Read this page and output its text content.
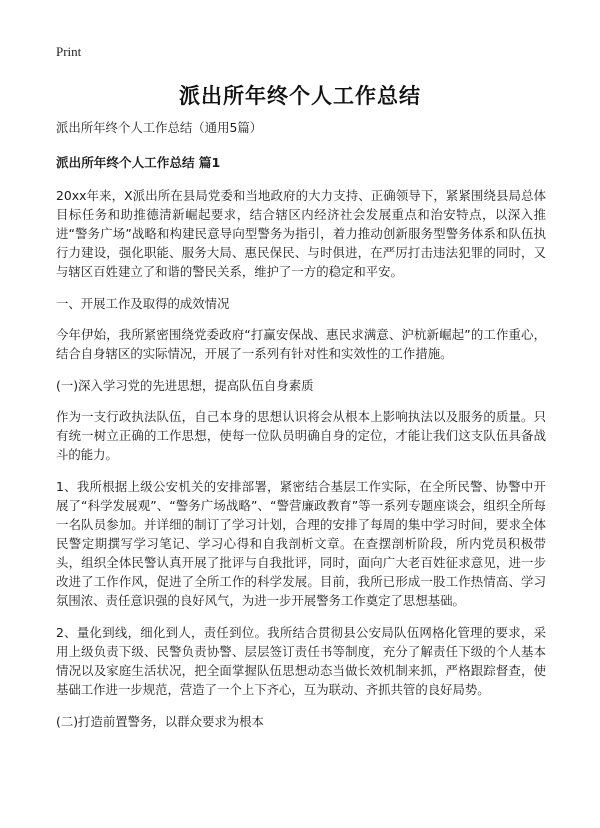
Print
派出所年终个人工作总结

派出所年终个人工作总结（通用5篇）

派出所年终个人工作总结 篇1

20xx年来，X派出所在县局党委和当地政府的大力支持、正确领导下，紧紧围绕县局总体目标任务和助推德清新崛起要求，结合辖区内经济社会发展重点和治安特点，以深入推进“警务广场”战略和构建民意导向型警务为指引，着力推动创新服务型警务体系和队伍执行力建设，强化职能、服务大局、惠民保民、与时俱进，在严厉打击违法犯罪的同时，又与辖区百姓建立了和谐的警民关系，维护了一方的稳定和平安。

一、开展工作及取得的成效情况

今年伊始，我所紧密围绕党委政府“打赢安保战、惠民求满意、沪杭新崛起”的工作重心，结合自身辖区的实际情况，开展了一系列有针对性和实效性的工作措施。

(一)深入学习党的先进思想，提高队伍自身素质

作为一支行政执法队伍，自己本身的思想认识将会从根本上影响执法以及服务的质量。只有统一树立正确的工作思想，使每一位队员明确自身的定位，才能让我们这支队伍具备战斗的能力。

1、我所根据上级公安机关的安排部署，紧密结合基层工作实际，在全所民警、协警中开展了“科学发展观”、“警务广场战略”、“警营廉政教育”等一系列专题座谈会，组织全所每一名队员参加。并详细的制订了学习计划，合理的安排了每周的集中学习时间，要求全体民警定期撰写学习笔记、学习心得和自我剖析文章。在查摆剖析阶段，所内党员积极带头，组织全体民警认真开展了批评与自我批评，同时，面向广大老百姓征求意见，进一步改进了工作作风，促进了全所工作的科学发展。目前，我所已形成一股工作热情高、学习氛围浓、责任意识强的良好风气，为进一步开展警务工作奠定了思想基础。

2、量化到线，细化到人，责任到位。我所结合贯彻县公安局队伍网格化管理的要求，采用上级负责下级、民警负责协警、层层签订责任书等制度，充分了解责任下级的个人基本情况以及家庭生活状况，把全面掌握队伍思想动态当做长效机制来抓，严格跟踪督查，使基础工作进一步规范，营造了一个上下齐心，互为联动、齐抓共管的良好局势。

(二)打造前置警务，以群众要求为根本
